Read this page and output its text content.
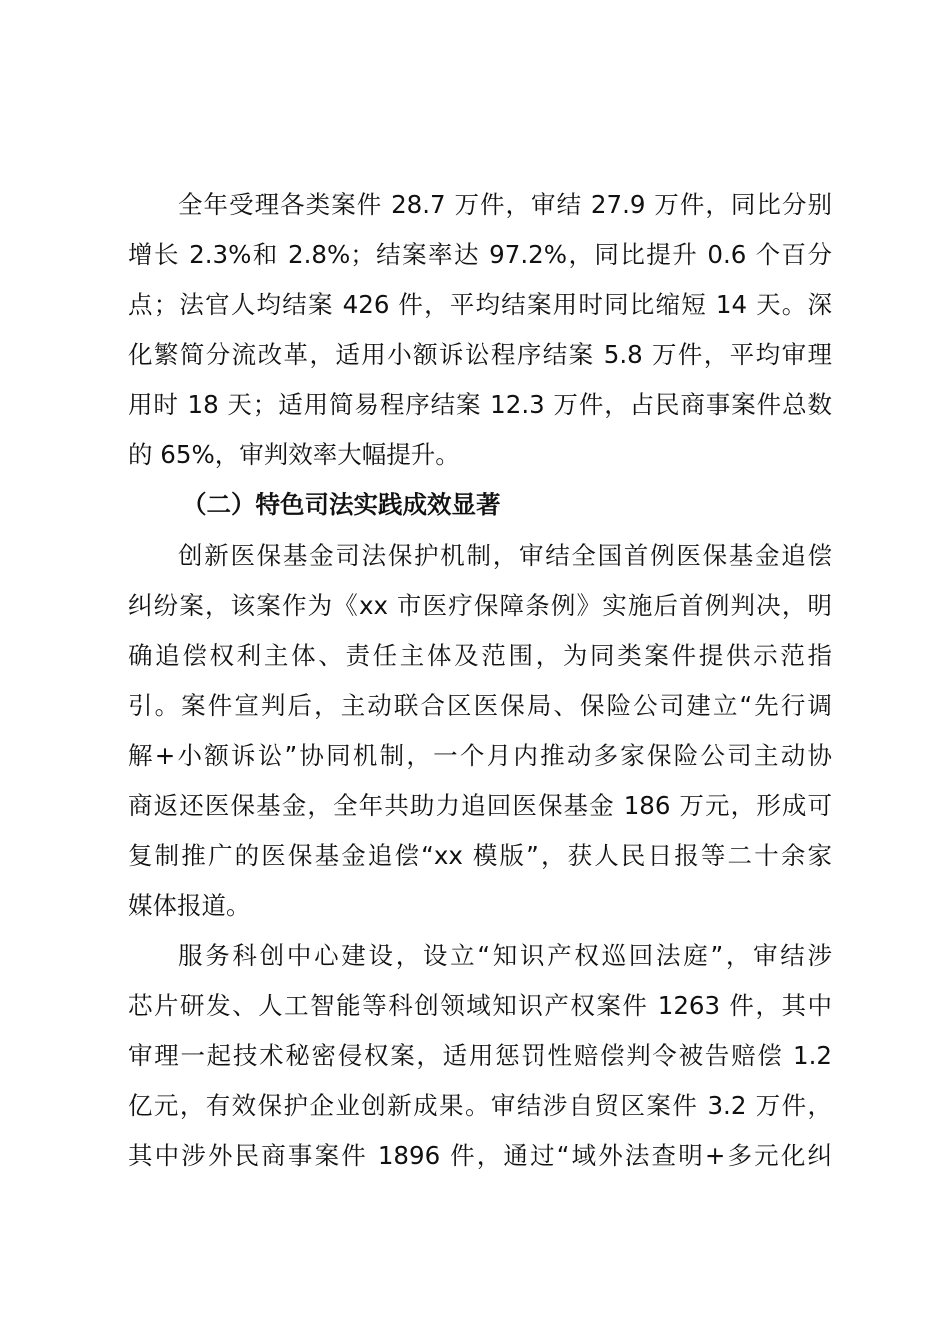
全年受理各类案件 28.7 万件，审结 27.9 万件，同比分别
增长 2.3%和 2.8%；结案率达 97.2%，同比提升 0.6 个百分
点；法官人均结案 426 件，平均结案用时同比缩短 14 天。深
化繁简分流改革，适用小额诉讼程序结案 5.8 万件，平均审理
用时 18 天；适用简易程序结案 12.3 万件，占民商事案件总数
的 65%，审判效率大幅提升。
（二）特色司法实践成效显著
创新医保基金司法保护机制，审结全国首例医保基金追偿
纠纷案，该案作为《xx 市医疗保障条例》实施后首例判决，明
确追偿权利主体、责任主体及范围，为同类案件提供示范指
引。案件宣判后，主动联合区医保局、保险公司建立“先行调
解+小额诉讼”协同机制，一个月内推动多家保险公司主动协
商返还医保基金，全年共助力追回医保基金 186 万元，形成可
复制推广的医保基金追偿“xx 模版”，获人民日报等二十余家
媒体报道。
服务科创中心建设，设立“知识产权巡回法庭”，审结涉
芯片研发、人工智能等科创领域知识产权案件 1263 件，其中
审理一起技术秘密侵权案，适用惩罚性赔偿判令被告赔偿 1.2
亿元，有效保护企业创新成果。审结涉自贸区案件 3.2 万件，
其中涉外民商事案件 1896 件，通过“域外法查明+多元化纠
